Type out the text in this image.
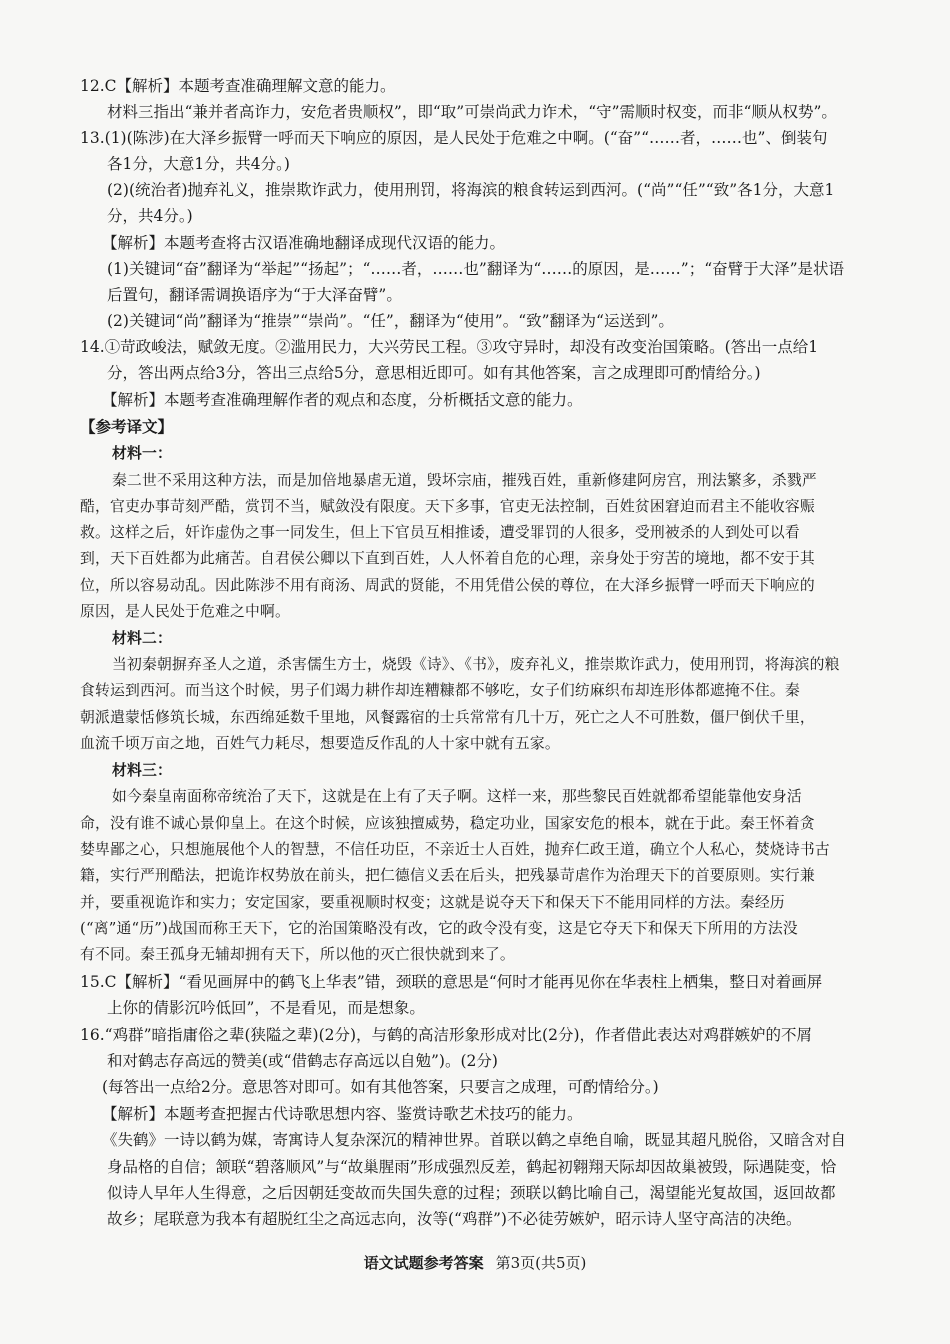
12.C【解析】本题考查准确理解文意的能力。
材料三指出“兼并者高诈力，安危者贵顺权”，即“取”可崇尚武力诈术，“守”需顺时权变，而非“顺从权势”。
13.(1)(陈涉)在大泽乡振臂一呼而天下响应的原因，是人民处于危难之中啊。(“奋”“……者，……也”、倒装句
各1分，大意1分，共4分。)
(2)(统治者)抛弃礼义，推崇欺诈武力，使用刑罚，将海滨的粮食转运到西河。(“尚”“任”“致”各1分，大意1
分，共4分。)
【解析】本题考查将古汉语准确地翻译成现代汉语的能力。
(1)关键词“奋”翻译为“举起”“扬起”；“……者，……也”翻译为“……的原因，是……”；“奋臂于大泽”是状语
后置句，翻译需调换语序为“于大泽奋臂”。
(2)关键词“尚”翻译为“推崇”“崇尚”。“任”，翻译为“使用”。“致”翻译为“运送到”。
14.①苛政峻法，赋敛无度。②滥用民力，大兴劳民工程。③攻守异时，却没有改变治国策略。(答出一点给1
分，答出两点给3分，答出三点给5分，意思相近即可。如有其他答案，言之成理即可酌情给分。)
【解析】本题考查准确理解作者的观点和态度，分析概括文意的能力。
【参考译文】
材料一：
秦二世不采用这种方法，而是加倍地暴虐无道，毁坏宗庙，摧残百姓，重新修建阿房宫，刑法繁多，杀戮严
酷，官吏办事苛刻严酷，赏罚不当，赋敛没有限度。天下多事，官吏无法控制，百姓贫困窘迫而君主不能收容赈
救。这样之后，奸诈虚伪之事一同发生，但上下官员互相推诿，遭受罪罚的人很多，受刑被杀的人到处可以看
到，天下百姓都为此痛苦。自君侯公卿以下直到百姓，人人怀着自危的心理，亲身处于穷苦的境地，都不安于其
位，所以容易动乱。因此陈涉不用有商汤、周武的贤能，不用凭借公侯的尊位，在大泽乡振臂一呼而天下响应的
原因，是人民处于危难之中啊。
材料二：
当初秦朝摒弃圣人之道，杀害儒生方士，烧毁《诗》、《书》，废弃礼义，推崇欺诈武力，使用刑罚，将海滨的粮
食转运到西河。而当这个时候，男子们竭力耕作却连糟糠都不够吃，女子们纺麻织布却连形体都遮掩不住。秦
朝派遣蒙恬修筑长城，东西绵延数千里地，风餐露宿的士兵常常有几十万，死亡之人不可胜数，僵尸倒伏千里，
血流千顷万亩之地，百姓气力耗尽，想要造反作乱的人十家中就有五家。
材料三：
如今秦皇南面称帝统治了天下，这就是在上有了天子啊。这样一来，那些黎民百姓就都希望能靠他安身活
命，没有谁不诚心景仰皇上。在这个时候，应该独擅威势，稳定功业，国家安危的根本，就在于此。秦王怀着贪
婪卑鄙之心，只想施展他个人的智慧，不信任功臣，不亲近士人百姓，抛弃仁政王道，确立个人私心，焚烧诗书古
籍，实行严刑酷法，把诡诈权势放在前头，把仁德信义丢在后头，把残暴苛虐作为治理天下的首要原则。实行兼
并，要重视诡诈和实力；安定国家，要重视顺时权变；这就是说夺天下和保天下不能用同样的方法。秦经历
(“离”通“历”)战国而称王天下，它的治国策略没有改，它的政令没有变，这是它夺天下和保天下所用的方法没
有不同。秦王孤身无辅却拥有天下，所以他的灭亡很快就到来了。
15.C【解析】“看见画屏中的鹤飞上华表”错，颈联的意思是“何时才能再见你在华表柱上栖集，整日对着画屏
上你的倩影沉吟低回”，不是看见，而是想象。
16.“鸡群”暗指庸俗之辈(狭隘之辈)(2分)，与鹤的高洁形象形成对比(2分)，作者借此表达对鸡群嫉妒的不屑
和对鹤志存高远的赞美(或“借鹤志存高远以自勉”)。(2分)
(每答出一点给2分。意思答对即可。如有其他答案，只要言之成理，可酌情给分。)
【解析】本题考查把握古代诗歌思想内容、鉴赏诗歌艺术技巧的能力。
《失鹤》一诗以鹤为媒，寄寓诗人复杂深沉的精神世界。首联以鹤之卓绝自喻，既显其超凡脱俗，又暗含对自
身品格的自信；颔联“碧落顺风”与“故巢腥雨”形成强烈反差，鹤起初翱翔天际却因故巢被毁，际遇陡变，恰
似诗人早年人生得意，之后因朝廷变故而失国失意的过程；颈联以鹤比喻自己，渴望能光复故国，返回故都
故乡；尾联意为我本有超脱红尘之高远志向，汝等(“鸡群”)不必徒劳嫉妒，昭示诗人坚守高洁的决绝。
语文试题参考答案 第3页(共5页)
